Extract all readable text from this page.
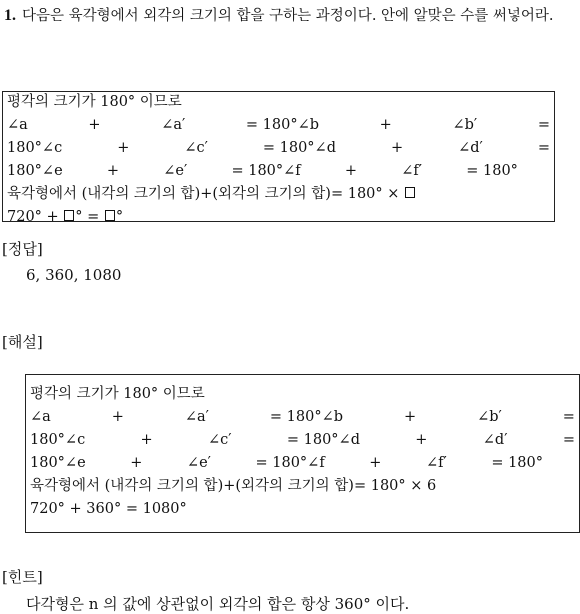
1. 다음은 육각형에서 외각의 크기의 합을 구하는 과정이다. 안에 알맞은 수를 써넣어라.
평각의 크기가 180° 이므로
∠a	+	∠a′	= 180°∠b	+	∠b′	=
180°∠c	+	∠c′	= 180°∠d	+	∠d′	=
180°∠e	+	∠e′	= 180°∠f	+	∠f′	= 180°
육각형에서 (내각의 크기의 합)+(외각의 크기의 합)= 180° ×
720° + ° = °
[정답]
6, 360, 1080
[해설]
평각의 크기가 180° 이므로
∠a	+	∠a′	= 180°∠b	+	∠b′	=
180°∠c	+	∠c′	= 180°∠d	+	∠d′	=
180°∠e	+	∠e′	= 180°∠f	+	∠f′	= 180°
육각형에서 (내각의 크기의 합)+(외각의 크기의 합)= 180° × 6
720° + 360° = 1080°
[힌트]
다각형은 n 의 값에 상관없이 외각의 합은 항상 360° 이다.
